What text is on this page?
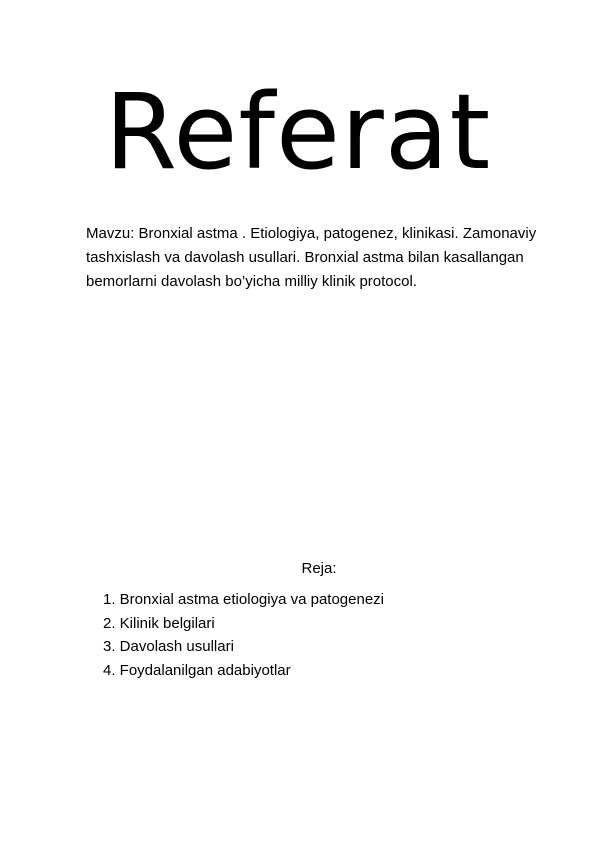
Referat
Mavzu: Bronxial astma . Etiologiya, patogenez, klinikasi. Zamonaviy tashxislash va davolash usullari. Bronxial astma bilan kasallangan bemorlarni davolash bo’yicha milliy klinik protocol.
Reja:
1. Bronxial astma etiologiya va patogenezi
2. Kilinik belgilari
3. Davolash usullari
4. Foydalanilgan adabiyotlar
